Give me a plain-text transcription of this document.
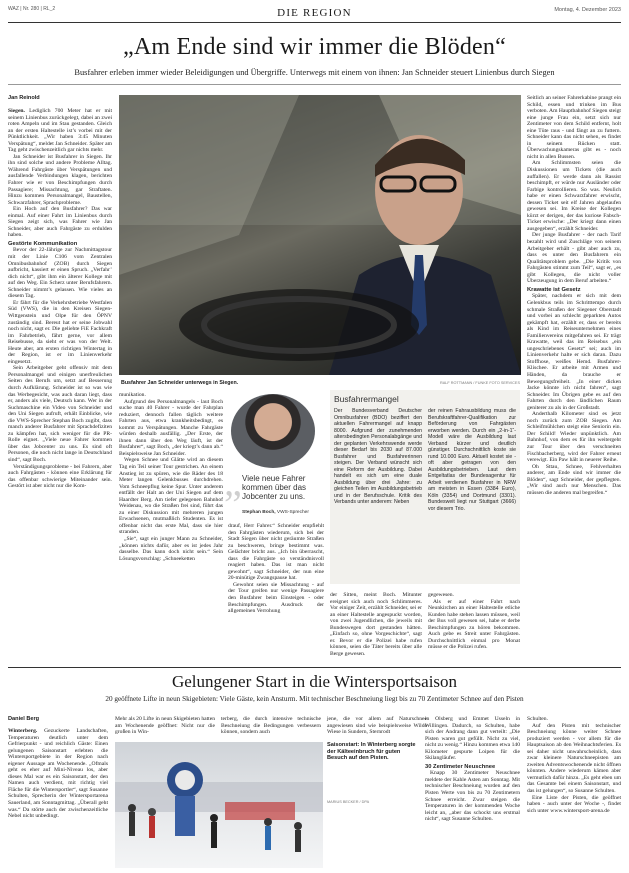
WAZ | Nr. 280 | RL_2	DIE REGION	Montag, 4. Dezember 2023
„Am Ende sind wir immer die Blöden“
Busfahrer erleben immer wieder Beleidigungen und Übergriffe. Unterwegs mit einem von ihnen: Jan Schneider steuert Linienbus durch Siegen
Jan Reinold

Siegen. Lediglich 700 Meter hat er mit seinem Linienbus zurückgelegt, dabei an zwei roten Ampeln und im Stau gestanden. Gleich an der ersten Haltestelle ist’s vorbei mit der Pünktlichkeit. „Wir haben 3:45 Minuten Verspätung“, meldet Jan Schneider. Später am Tag geht zwischenzeitlich gar nichts mehr.

Jan Schneider ist Busfahrer in Siegen. Ihr ihn sind solche und andere Probleme Alltag. Während Fahrgäste über Verspätungen und ausfallende Verbindungen klagen, berichten Fahrer wie er von Beschimpfungen durch Passagiere; Missachtung, gar Straftaten. Hinzu kommen Personalmangel, Baustellen, Schwarzfahrer, Sprachprobleme.

Ein Hoch auf den Busfahrer? Das war einmal. Auf einer Fahrt im Linienbus durch Siegen zeigt sich, was Fahrer wie Jan Schneider, aber auch Fahrgäste zu erdulden haben.

Gestörte Kommunikation

Bevor der 22-Jährige zur Nachmittagstour mit der Linie C106 vom Zentralen Omnibusbahnhof (ZOB) durch Siegen aufbricht, kassiert er einen Spruch. „Verfahr’ dich nicht“, gibt ihm ein älterer Kollege mit auf den Weg. Ein Scherz unter Berufsfahrern. Schneider nimmt’s gelassen. Wie vieles an diesem Tag.

Er fährt für die Verkehrsbetriebe Westfalen Süd (VWS), die in den Kreisen Siegen-Wittgenstein und Olpe für den ÖPNV zuständig sind. Bereut hat er seine Jobwahl noch nicht, sagt er. Die geliehte FiE Fachkraft im Fahrbetrieb, fährt gerne, vor allem Reisebusse, da sieht er was von der Welt. Heute aber, am ersten richtigen Wintertag in der Region, ist er im Linienverkehr eingesetzt.

Sein Arbeitgeber geht offensiv mit dem Personalmangel und einigen unerfreulichen Seiten des Berufs um, setzt auf Besserung durch Aufklärung. Schneider ist so was wie das Werbegesicht, was auch daran liegt, dass er, anders als viele, Deutsch kann. Wer in der Suchmaschine ein Video von Schneider und den Uni Siegen aufruft, erhält Einblicke, wie die VWS-Sprecher Stephan Boch zugibt, dass manch anderer Busfahrer mit Sprachdefiziten zu kämpfen hat, sich weniger für die PR-Rolle eignet. „Viele neue Fahrer kommen über das Jobcenter zu uns. Es sind oft Personen, die noch nicht lange in Deutschland sind“, sagt Boch.

Verständigungsprobleme - bei Fahrern, aber auch Fahrgästen - können eine Erklärung für das offenbar schwierige Miteinander sein. Gestört ist aber nicht nur die Kom-

Busfahrer Jan Schneider unterwegs in Siegen.	RALF ROTTMANN / FUNKE FOTO SERVICES

munikation.

Aufgrund des Personalmangels - laut Boch suche man 40 Fahrer - wurde der Fahrplan reduziert, dennoch fallen täglich weitere Fahrten aus, etwa krankheitsbedingt, es kommt zu Verspätungen. Manche Fahrgäste würden deshalb ausfällig. „Der Erste, der ihnen dann über den Weg läuft, ist der Busfahrer“, sagt Boch, „der kriegt’s dann ab.“ Beispielsweise Jan Schneider.

Wegen Schnee und Glätte wird an diesem Tag ein Teil seiner Tour gestrichen. An einem Anstieg ist zu spüren, wie die Räder des 18 Meter langen Gelenkbusses durchdrehen. Vom Schneepflug keine Spur. Unter anderem entfällt der Halt an der Uni Siegen auf dem Haardter Berg. Am tiefer gelegenen Bahnhof Weidenau, wo die Straßen frei sind, führt das zu einer Diskussion mit mehreren jungen Erwachsenen, mutmaßlich Studenten. Es ist offenbar nicht das erste Mal, dass sie hier stranden.

„Sie“, sagt ein junger Mann zu Schneider, „können nichts dafür, aber es ist jedes Jahr dasselbe. Das kann doch nicht sein.“ Sein Lösungsvorschlag: „Schneeketten

„ Viele neue Fahrer kommen über das Jobcenter zu uns.
Stephan Boch, VWS-Sprecher

drauf, Herr Fahrer.“ Schneider empfiehlt den Fahrgästen wiederum, sich bei der Stadt Siegen über nicht geräumte Straßen zu beschweren, bringe bestimmt was. Gelächter bricht aus. „Ich bin überrascht, dass die Fahrgäste so verständnisvoll reagiert haben. Das ist man nicht gewohnt“, sagt Schneider, der nun eine 20-minütige Zwangspause hat.

Gewohnt seien sie Missachtung - auf der Tour greifen nur wenige Passagiere den Busfahrer beim Einsteigen - oder Beschimpfungen. Ausdruck der allgemeinen Verrohung

Busfahrermangel
Der Bundesverband Deutscher Omnibusfahrer (BDO) beziffert den aktuellen Fahrermangel auf knapp 8000. Aufgrund der zunehmenden altersbedingten Personalabgänge und der geplanten Verkehrswende werde dieser Bedarf bis 2030 auf 87.000 Busfahrer und Busfahrerinnen steigen. Der Verband wünscht sich eine Reform der Ausbildung. Dabei handelt es sich um eine duale Ausbildung über drei Jahre: zu gleichen Teilen im Ausbildungsbetrieb und in der Berufsschule. Kritik des Verbands unter anderem: Neben
der reinen Fahrausbildung muss die Berufskraftfahrer-Qualifikation zur Beförderung von Fahrgästen erworben werden. Durch ein „2-in-1“-Modell wäre die Ausbildung laut Verband kürzer und deutlich günstiger. Durchschnittlich koste sie rund 10.000 Euro. Aktuell kostet sie - oft aber getragen von den Ausbildungsbetrieben. Laut dem Entgeltatlas der Bundesagentur für Arbeit verdienen Busfahrer in NRW am meisten in Essen (3384 Euro), Köln (3354) und Dortmund (3301). Bundesweit liegt nur Stuttgart (3666) vor diesem Trio.

der Sitten, meint Boch. Mitunter ereignet sich auch noch Schlimmeres. Vor einiger Zeit, erzählt Schneider, sei er an einer Haltestelle angespuckt worden, von zwei Jugendlichen, die jeweils mit Bundeswegen dort gestanden hätten. „Einfach so, ohne Vorgeschichte“, sagt er. Bevor er die Polizei habe rufen können, seien die Täter bereits über alle Berge gewesen.

gegewesen.

Als er auf einer Fahrt nach Neunkirchen an einer Haltestelle etliche Kunden habe stehen lassen müssen, weil der Bus voll gewesen sei, habe er derbe Beschimpfungen zu hören bekommen. Auch gebe es Streit unter Fahrgästen. Durchschnittlich einmal pro Monat müsse er die Polizei rufen.

Seitlich an seiner Fahrerkabine prangt ein Schild, essen und trinken im Bus verboten. Am Hauptbahnhof Siegen steigt eine junge Frau ein, setzt sich nur Zentimeter von dem Schild entfernt, holt eine Tüte raus - und fängt an zu futtern. Schneider kann das nicht sehen, es findet in seinem Rücken statt. Überwachungskameras gibt es - noch nicht in allen Bussen.

Am Schlimmsten seien die Diskussionen um Tickets (die auch auffallen). Er werde dann als Rassist beschimpft, er würde nur Ausländer oder Farbige kontrollieren. So was. Neulich habe er einen Schwarzfahrer erwischt, dessen Ticket seit elf Jahren abgelaufen gewesen sei. Im Kreise der Kollegen kürzt er derigen, der das kuriose Fabsch-Ticket erwische: „Der kriegt dann einen ausgegeben“, erzählt Schneider.

Der junge Busfahrer - der nach Tarif bezahlt wird und Zuschläge von seinem Arbeitgeber erhält - gibt aber auch zu, dass es unter den Busfahrern ein Qualitätsproblem gebe. „Die Kritik von Fahrgästen stimmt zum Teil“, sagt er, „es gibt Kollegen, die nicht voller Überzeugung in dem Beruf arbeiten.“

Krawatte ist Gesetz

Später, nachdem er sich mit dem Gelenkbus teils im Schritttempo durch schmale Straßen der Siegener Oberstadt und vorbei an schlecht geparkten Autos gekämpft hat, erzählt er, dass er bereits als Kind im Reiseunternehmen eines Familienvereins mitgefahren sei. Er trägt Krawatte, weil das im Reisebus „ein ungeschriebenes Gesetz“ sei; auch im Linienverkehr halte er sich daran. Dazu Stoffhose, weißes Hemd. Busfahrer-Klischee. Er arbeite mit Armen und Händen, da brauche er Bewegungsfreiheit. „In einer dicken Jacke könnte ich nicht fahren“, sagt Schneider. Im Übrigen gebe es auf den Fahrten durch den ländlichen Raum geniterer zu als in der Großstadt.

Anderthalb Kilometer sind es jetzt noch zurück zum ZOB Siegen. Am Schleifmühlchen steigt eine Seniorin ein. Der Schild! Wieder unpünktlich. Am Bahnhof, von dem es für ihn weitergeht zur Tour über den verschneiten Fischbacherberg, wird der Fahrer erneut verewigt. Ein Paw hält in neuerer Reihe.

Oh Sttau, Schnee, Fehlverhalten anderer, am Ende sind wir immer die Blöden“, sagt Schneider, der gepflegten. „Wir sind auch nur Menschen. Das müssen die anderen mal begreifen.“

Gelungener Start in die Wintersportsaison
20 geöffnete Lifte in neun Skigebieten: Viele Gäste, kein Ansturm. Mit technischer Beschneiung liegt bis zu 70 Zentimeter Schnee auf den Pisten
Daniel Berg

Winterberg. Gezuckerte Landschaften, Temperaturen deutlich unter dem Gefrierpunkt - und reichlich Gäste: Einen gelungenen Saisonstart erlebten die Wintersportgebiete in der Region nach eigener Aussage am Wochenende. „Ofmals geht es eher auf Mini-Niveau los, aber dieses Mal war es ein Saisonstart, der den Namen auch verdient, mit richtig viel Fläche für die Wintersportler“, sagt Susanne Schulten, Sprecherin der Wintersportarena Sauerland, am Sonntagmittag. „Überall geht was.“ Da störte auch der zwischenzeitliche Nebel nicht unbedingt.

Mehr als 20 Lifte in neun Skigebieten hatten am Wochenende geöffnet: Nicht nur die großen in Win-

terberg, die durch intensive technische Beschneiung die Bedingungen verbessern können, sondern auch

jene, die vor allem auf Naturschnee angewiesen sind wie beispielsweise Wilde Wiese in Sundern, Sternrodt

in Olsberg und Emmet Usseln in Willingen. Dadurch, so Schulten, habe sich der Andrang dann gut verteilt: „Die Pisten waren gut gefüllt. Nicht zu viel, nicht zu wenig.“ Hinzu kommen etwa 140 Kilometer gespurte Loipen für die Skilangläufer.

30 Zentimeter Neuschnee

Knapp 30 Zentimeter Neuschnee meldete der Kahle Asten am Sonntag. Mit technischer Beschneiung wurden auf den Pisten Werte von bis zu 70 Zentimetern Schnee erreicht. Zwar steigen die Temperaturen in der kommenden Woche leicht an, „aber das schockt uns erstmal nicht“, sagt Susanne Schulten.

Schulten.

Auf den Pisten mit technischer Beschneiung könne weiter Schnee produziert werden - vor allem für die Hauptsaison ab den Weihnachtsferien. Es sei daher nicht unwahrscheinlich, dass zwar kleinere Naturschneepisten am zweiten Adventswochenende nicht öffnen könnten. Andere wiederum kämen aber vermutlich dafür hinzu. „Es geht eben um das Gesamte bei einem Saisonstart, und das ist gelungen“, so Susanne Schulten.

Eine Liste der Pisten, die geöffnet haben - auch unter der Woche -, findet sich unter www.wintersport-arena.de

Saisonstart: In Winterberg sorgte der Kälteeinbruch für guten Besuch auf den Pisten.
MARIUS BECKER / DPA
